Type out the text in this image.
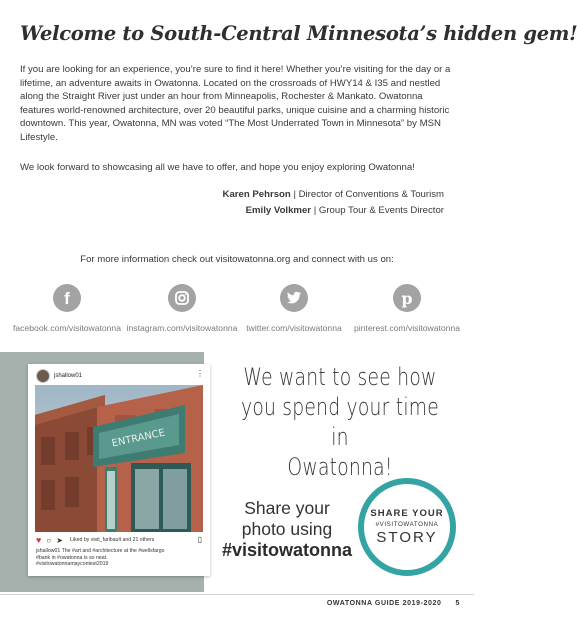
Welcome to South-Central Minnesota’s hidden gem!

If you are looking for an experience, you’re sure to find it here! Whether you’re visiting for the day or a lifetime, an adventure awaits in Owatonna. Located on the crossroads of HWY14 & I35 and nestled along the Straight River just under an hour from Minneapolis, Rochester & Mankato. Owatonna features world-renowned architecture, over 20 beautiful parks, unique cuisine and a charming historic downtown. This year, Owatonna, MN was voted “The Most Underrated Town in Minnesota” by MSN Lifestyle.

We look forward to showcasing all we have to offer, and hope you enjoy exploring Owatonna!

Karen Pehrson | Director of Conventions & Tourism
Emily Volkmer | Group Tour & Events Director
For more information check out visitowatonna.org and connect with us on:
f
facebook.com/visitowatonna instagram.com/visitowatonna	twitter.com/visitowatonna
p
pinterest.com/visitowatonna
jshallow01	⋮
ENTRANCE
♥ ○ ➤ Liked by visit_faribault and 21 others	▯
jshallow01 The #art and #architecture at the #wellsfargo
#bank in #owatonna is so neat.
#visitowatonnamaycontest2019
We want to see how
you spend your time in
Owatonna!
Share your
photo using
#visitowatonna
SHARE YOUR
#VISITOWATONNA
STORY
OWATONNA GUIDE 2019-2020 5
